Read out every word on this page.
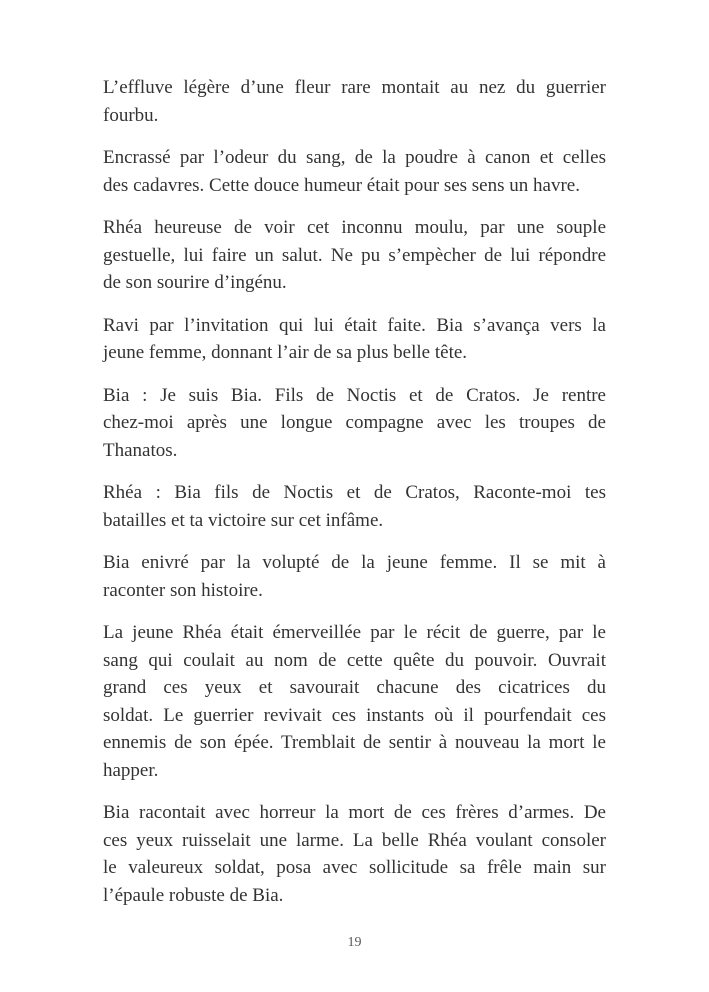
L’effluve légère d’une fleur rare montait au nez du guerrier
fourbu.
Encrassé par l’odeur du sang, de la poudre à canon et celles
des cadavres. Cette douce humeur était pour ses sens un havre.
Rhéa heureuse de voir cet inconnu moulu, par une souple
gestuelle, lui faire un salut. Ne pu s’empècher de lui répondre
de son sourire d’ingénu.
Ravi par l’invitation qui lui était faite. Bia s’avança vers la
jeune femme, donnant l’air de sa plus belle tête.
Bia : Je suis Bia. Fils de Noctis et de Cratos. Je rentre
chez-moi après une longue compagne avec les troupes de
Thanatos.
Rhéa : Bia fils de Noctis et de Cratos, Raconte-moi tes
batailles et ta victoire sur cet infâme.
Bia enivré par la volupté de la jeune femme. Il se mit à
raconter son histoire.
La jeune Rhéa était émerveillée par le récit de guerre, par le
sang qui coulait au nom de cette quête du pouvoir. Ouvrait
grand ces yeux et savourait chacune des cicatrices du
soldat. Le guerrier revivait ces instants où il pourfendait ces
ennemis de son épée. Tremblait de sentir à nouveau la mort le
happer.
Bia racontait avec horreur la mort de ces frères d’armes. De
ces yeux ruisselait une larme. La belle Rhéa voulant consoler
le valeureux soldat, posa avec sollicitude sa frêle main sur
l’épaule robuste de Bia.
19
